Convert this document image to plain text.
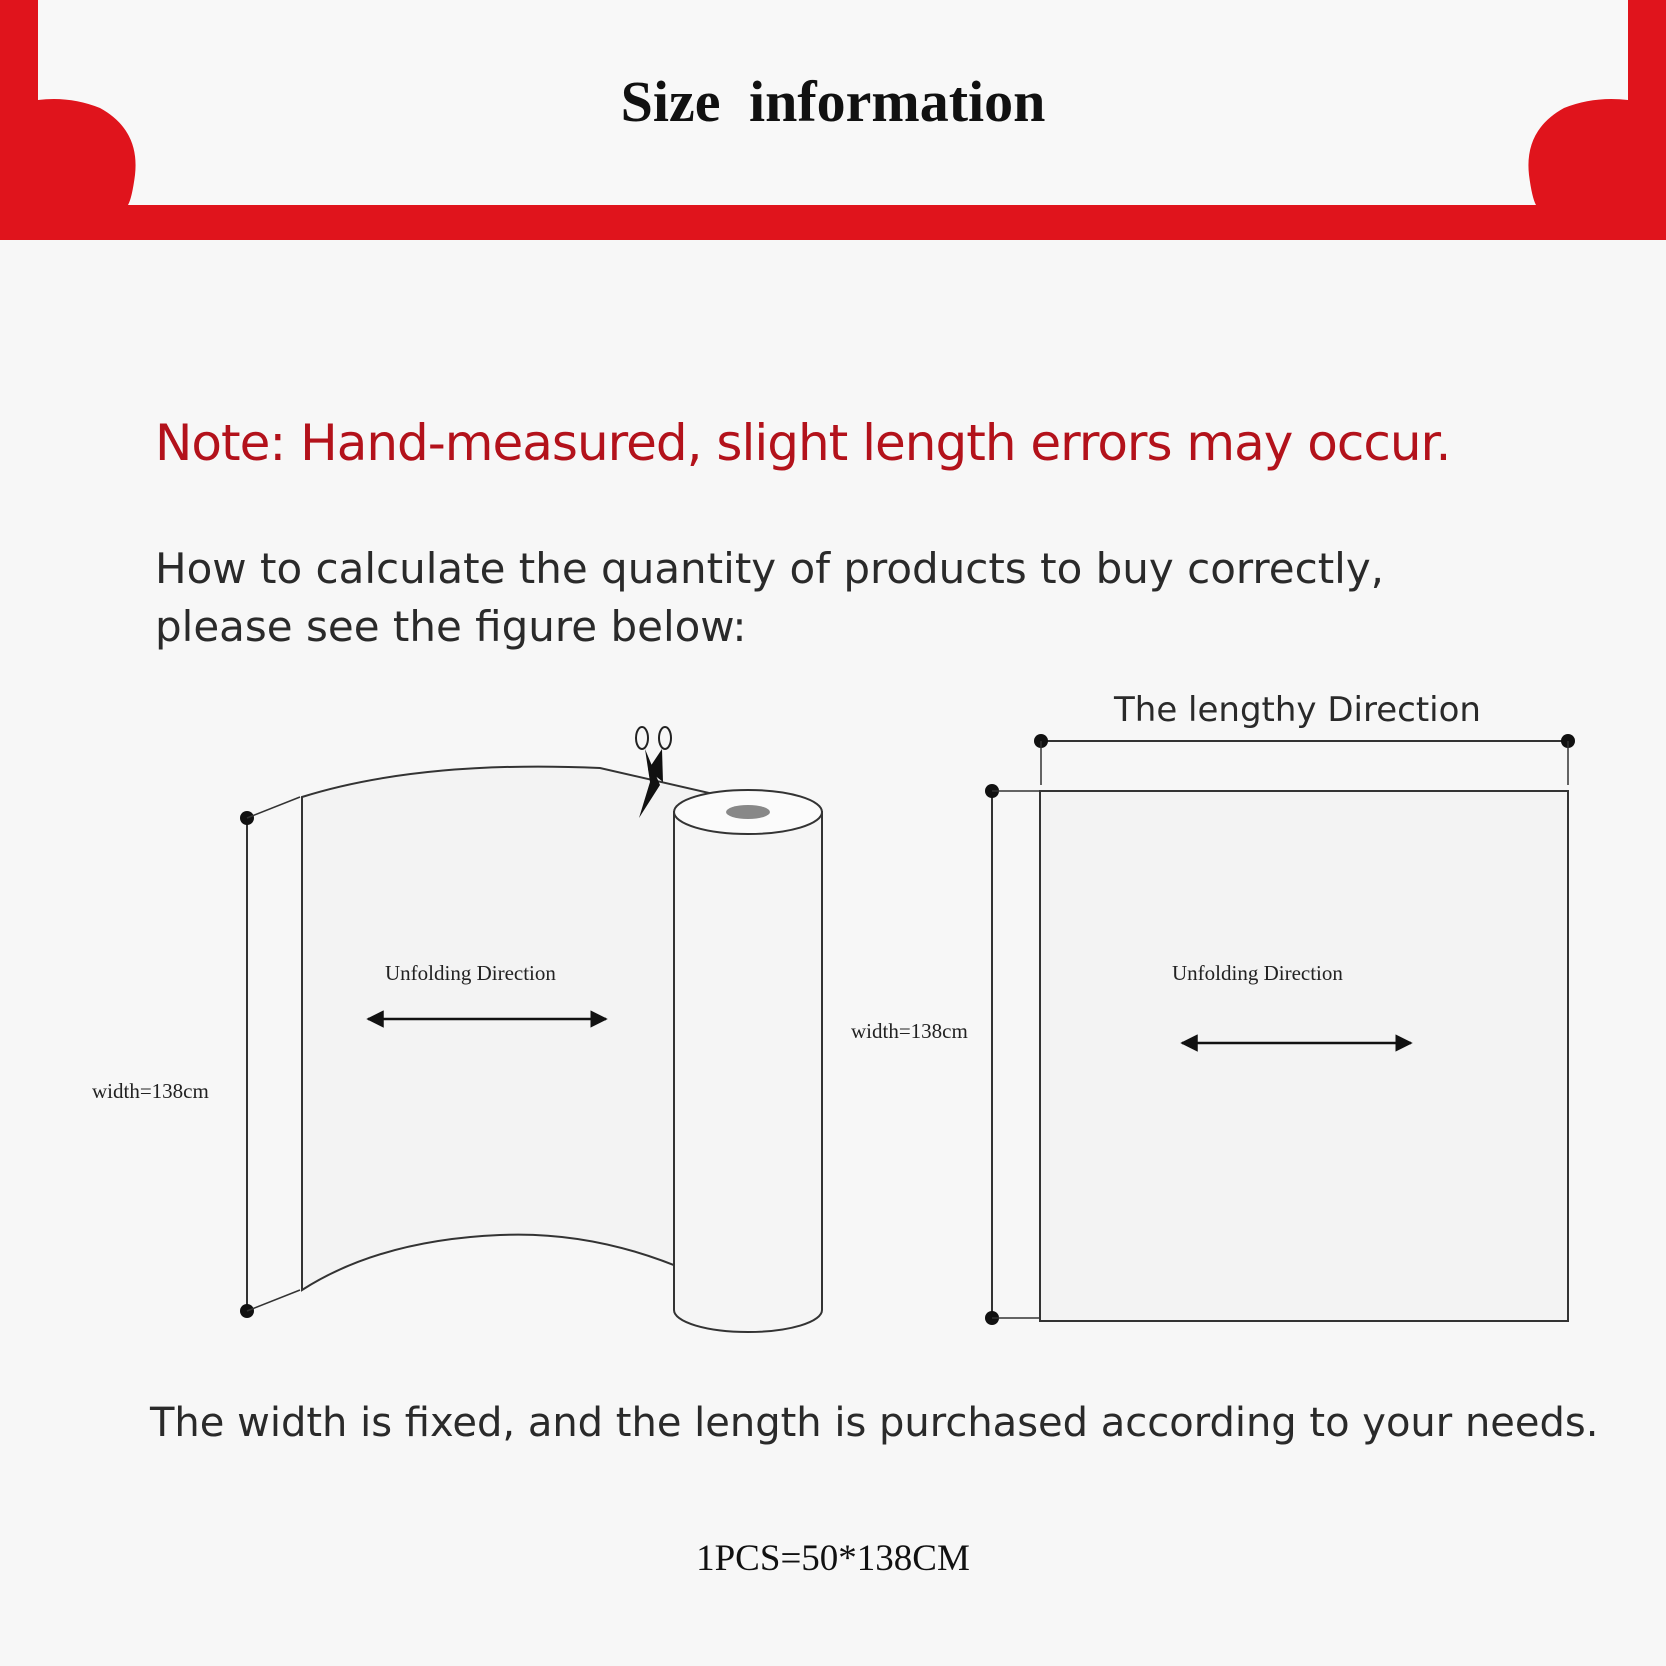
Size information
Note: Hand-measured, slight length errors may occur.
How to calculate the quantity of products to buy correctly,
please see the figure below:
width=138cm
Unfolding Direction
The lengthy Direction
width=138cm
Unfolding Direction
The width is fixed, and the length is purchased according to your needs.
1PCS=50*138CM
